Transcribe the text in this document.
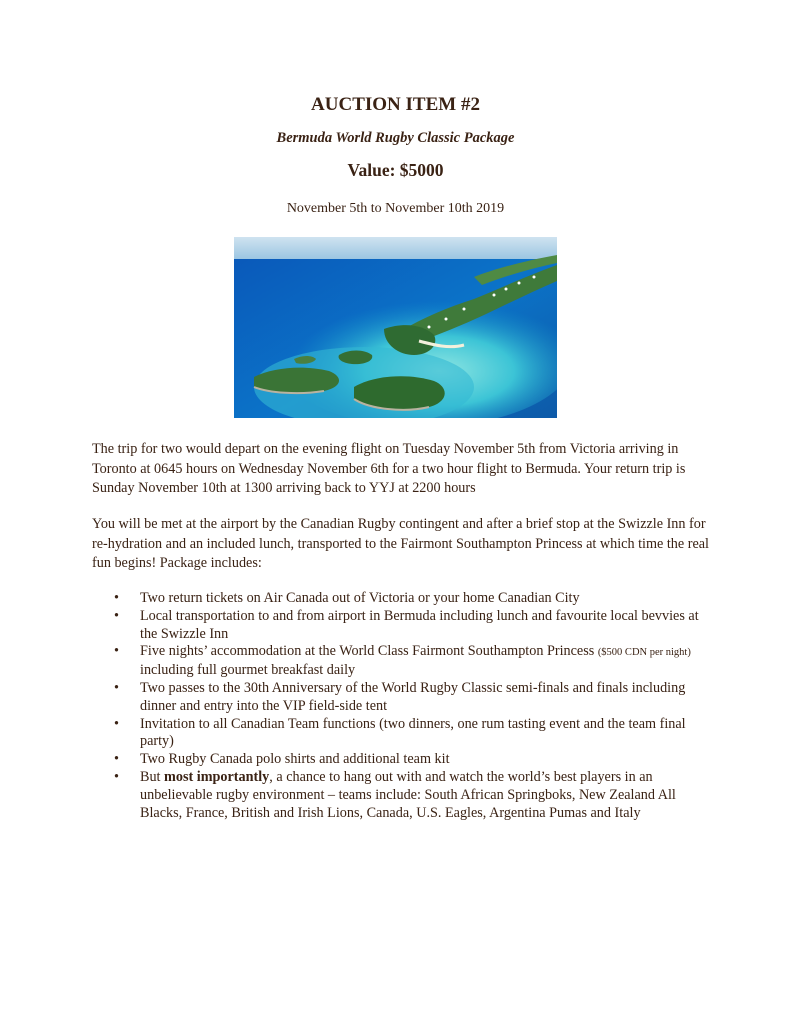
AUCTION ITEM #2

Bermuda World Rugby Classic Package

Value: $5000

November 5th to November 10th 2019

The trip for two would depart on the evening flight on Tuesday November 5th from Victoria arriving in Toronto at 0645 hours on Wednesday November 6th for a two hour flight to Bermuda. Your return trip is Sunday November 10th at 1300 arriving back to YYJ at 2200 hours

You will be met at the airport by the Canadian Rugby contingent and after a brief stop at the Swizzle Inn for re-hydration and an included lunch, transported to the Fairmont Southampton Princess at which time the real fun begins! Package includes:

• Two return tickets on Air Canada out of Victoria or your home Canadian City
• Local transportation to and from airport in Bermuda including lunch and favourite local bevvies at the Swizzle Inn
• Five nights’ accommodation at the World Class Fairmont Southampton Princess ($500 CDN per night) including full gourmet breakfast daily
• Two passes to the 30th Anniversary of the World Rugby Classic semi-finals and finals including dinner and entry into the VIP field-side tent
• Invitation to all Canadian Team functions (two dinners, one rum tasting event and the team final party)
• Two Rugby Canada polo shirts and additional team kit
• But most importantly, a chance to hang out with and watch the world’s best players in an unbelievable rugby environment – teams include: South African Springboks, New Zealand All Blacks, France, British and Irish Lions, Canada, U.S. Eagles, Argentina Pumas and Italy
